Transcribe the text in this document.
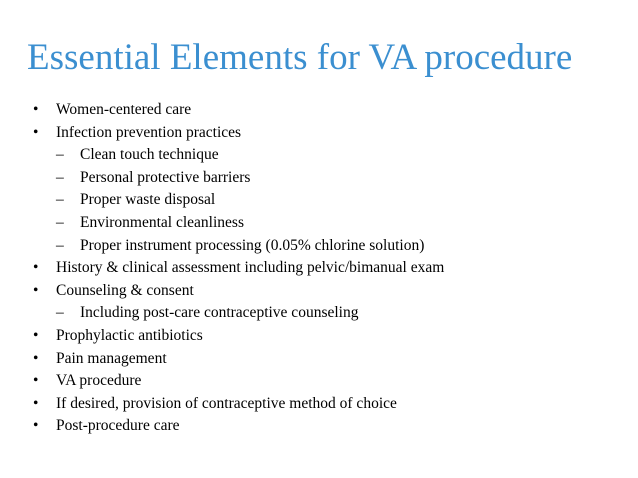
Essential Elements for VA procedure
• Women-centered care
• Infection prevention practices
– Clean touch technique
– Personal protective barriers
– Proper waste disposal
– Environmental cleanliness
– Proper instrument processing (0.05% chlorine solution)
• History & clinical assessment including pelvic/bimanual exam
• Counseling & consent
– Including post-care contraceptive counseling
• Prophylactic antibiotics
• Pain management
• VA procedure
• If desired, provision of contraceptive method of choice
• Post-procedure care
